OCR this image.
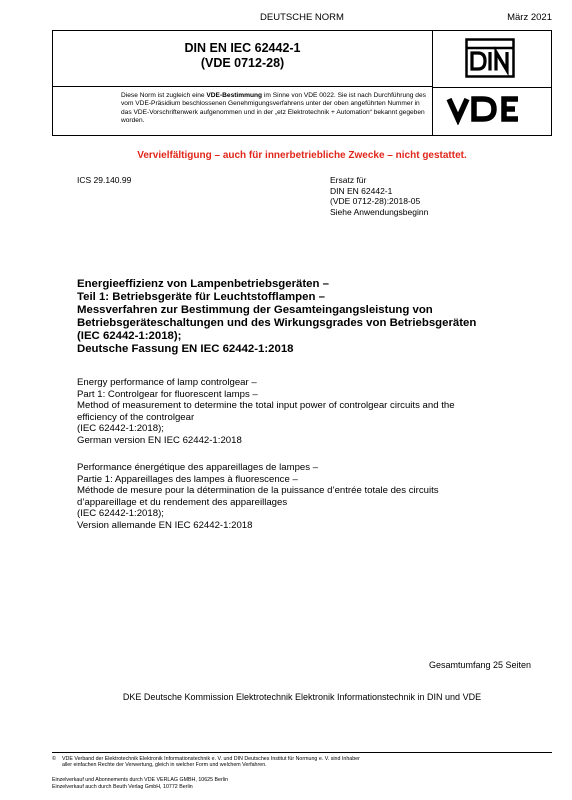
DEUTSCHE NORM	März 2021
DIN EN IEC 62442-1
(VDE 0712-28)
Diese Norm ist zugleich eine VDE-Bestimmung im Sinne von VDE 0022. Sie ist nach Durchführung des vom VDE-Präsidium beschlossenen Genehmigungsverfahrens unter der oben angeführten Nummer in das VDE-Vorschriftenwerk aufgenommen und in der „etz Elektrotechnik + Automation“ bekannt gegeben worden.
Vervielfältigung – auch für innerbetriebliche Zwecke – nicht gestattet.
ICS 29.140.99	Ersatz für
DIN EN 62442-1
(VDE 0712-28):2018-05
Siehe Anwendungsbeginn
Energieeffizienz von Lampenbetriebsgeräten –
Teil 1: Betriebsgeräte für Leuchtstofflampen –
Messverfahren zur Bestimmung der Gesamteingangsleistung von
Betriebsgeräteschaltungen und des Wirkungsgrades von Betriebsgeräten
(IEC 62442-1:2018);
Deutsche Fassung EN IEC 62442-1:2018
Energy performance of lamp controlgear –
Part 1: Controlgear for fluorescent lamps –
Method of measurement to determine the total input power of controlgear circuits and the
efficiency of the controlgear
(IEC 62442-1:2018);
German version EN IEC 62442-1:2018
Performance énergétique des appareillages de lampes –
Partie 1: Appareillages des lampes à fluorescence –
Méthode de mesure pour la détermination de la puissance d’entrée totale des circuits
d’appareillage et du rendement des appareillages
(IEC 62442-1:2018);
Version allemande EN IEC 62442-1:2018
Gesamtumfang 25 Seiten
DKE Deutsche Kommission Elektrotechnik Elektronik Informationstechnik in DIN und VDE
© VDE Verband der Elektrotechnik Elektronik Informationstechnik e. V. und DIN Deutsches Institut für Normung e. V. sind Inhaber
aller einfachen Rechte der Verwertung, gleich in welcher Form und welchem Verfahren.
Einzelverkauf und Abonnements durch VDE VERLAG GMBH, 10625 Berlin
Einzelverkauf auch durch Beuth Verlag GmbH, 10772 Berlin
